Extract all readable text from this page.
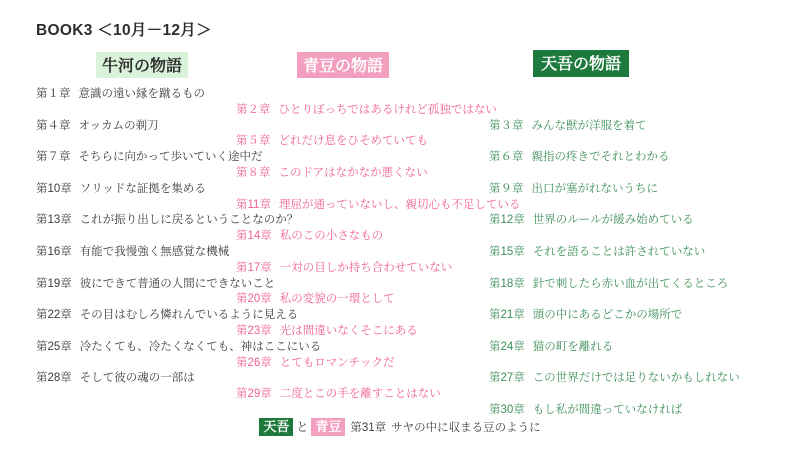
BOOK3 ＜10月－12月＞
牛河の物語	青豆の物語	天吾の物語
第１章 意識の遠い縁を蹴るもの
第２章 ひとりぼっちではあるけれど孤独ではない
第４章 オッカムの剃刀	第３章 みんな獣が洋服を着て
第５章 どれだけ息をひそめていても
第７章 そちらに向かって歩いていく途中だ	第６章 親指の疼きでそれとわかる
第８章 このドアはなかなか悪くない
第10章 ソリッドな証拠を集める	第９章 出口が塞がれないうちに
第11章 理屈が通っていないし、親切心も不足している
第13章 これが振り出しに戻るということなのか？	第12章 世界のルールが緩み始めている
第14章 私のこの小さなもの
第16章 有能で我慢強く無感覚な機械	第15章 それを語ることは許されていない
第17章 一対の目しか持ち合わせていない
第19章 彼にできて普通の人間にできないこと	第18章 針で刺したら赤い血が出てくるところ
第20章 私の変貌の一環として
第22章 その目はむしろ憐れんでいるように見える	第21章 頭の中にあるどこかの場所で
第23章 光は間違いなくそこにある
第25章 冷たくても、冷たくなくても、神はここにいる	第24章 猫の町を離れる
第26章 とてもロマンチックだ
第28章 そして彼の魂の一部は	第27章 この世界だけでは足りないかもしれない
第29章 二度とこの手を離すことはない
第30章 もし私が間違っていなければ
天吾 と 青豆 第31章 サヤの中に収まる豆のように
